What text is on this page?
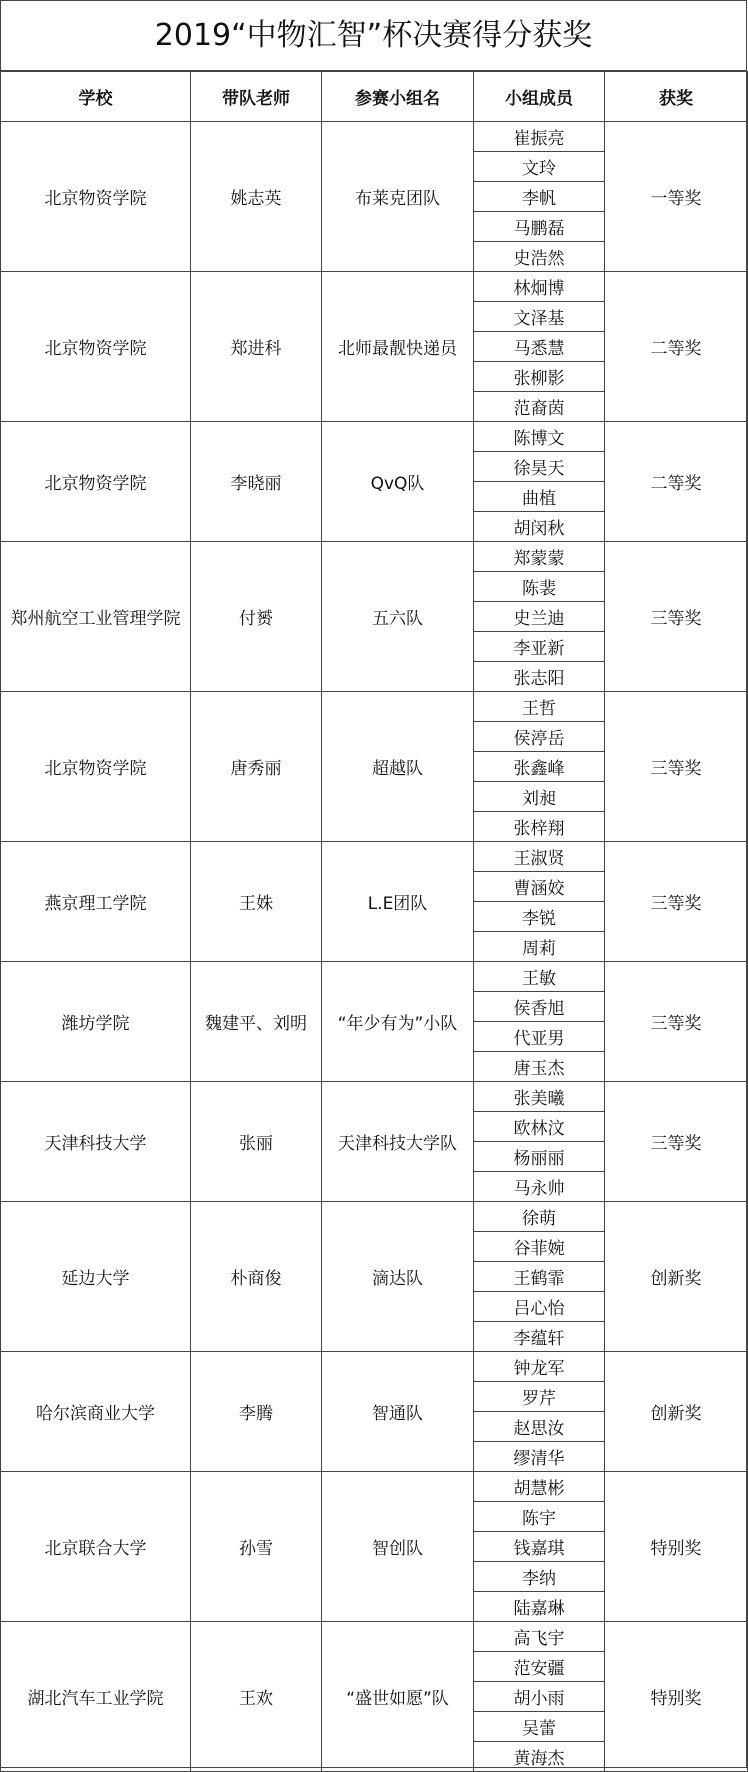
2019“中物汇智”杯决赛得分获奖
学校	带队老师	参赛小组名	小组成员	获奖
北京物资学院	姚志英	布莱克团队	崔振亮	一等奖
			文玲	
			李帆	
			马鹏磊	
			史浩然	
北京物资学院	郑进科	北师最靓快递员	林炯博	二等奖
			文泽基	
			马悉慧	
			张柳影	
			范裔茵	
北京物资学院	李晓丽	QvQ队	陈博文	二等奖
			徐昊天	
			曲植	
			胡闵秋	
郑州航空工业管理学院	付赟	五六队	郑蒙蒙	三等奖
			陈裴	
			史兰迪	
			李亚新	
			张志阳	
北京物资学院	唐秀丽	超越队	王哲	三等奖
			侯渟岳	
			张鑫峰	
			刘昶	
			张梓翔	
燕京理工学院	王姝	L.E团队	王淑贤	三等奖
			曹涵姣	
			李锐	
			周莉	
潍坊学院	魏建平、刘明	“年少有为”小队	王敏	三等奖
			侯香旭	
			代亚男	
			唐玉杰	
天津科技大学	张丽	天津科技大学队	张美曦	三等奖
			欧林汶	
			杨丽丽	
			马永帅	
延边大学	朴商俊	滴达队	徐萌	创新奖
			谷菲婉	
			王鹤霏	
			吕心怡	
			李蕴轩	
哈尔滨商业大学	李腾	智通队	钟龙军	创新奖
			罗芹	
			赵思汝	
			缪清华	
北京联合大学	孙雪	智创队	胡慧彬	特别奖
			陈宇	
			钱嘉琪	
			李纳	
			陆嘉琳	
湖北汽车工业学院	王欢	“盛世如愿”队	高飞宇	特别奖
			范安疆	
			胡小雨	
			吴蕾	
			黄海杰	
